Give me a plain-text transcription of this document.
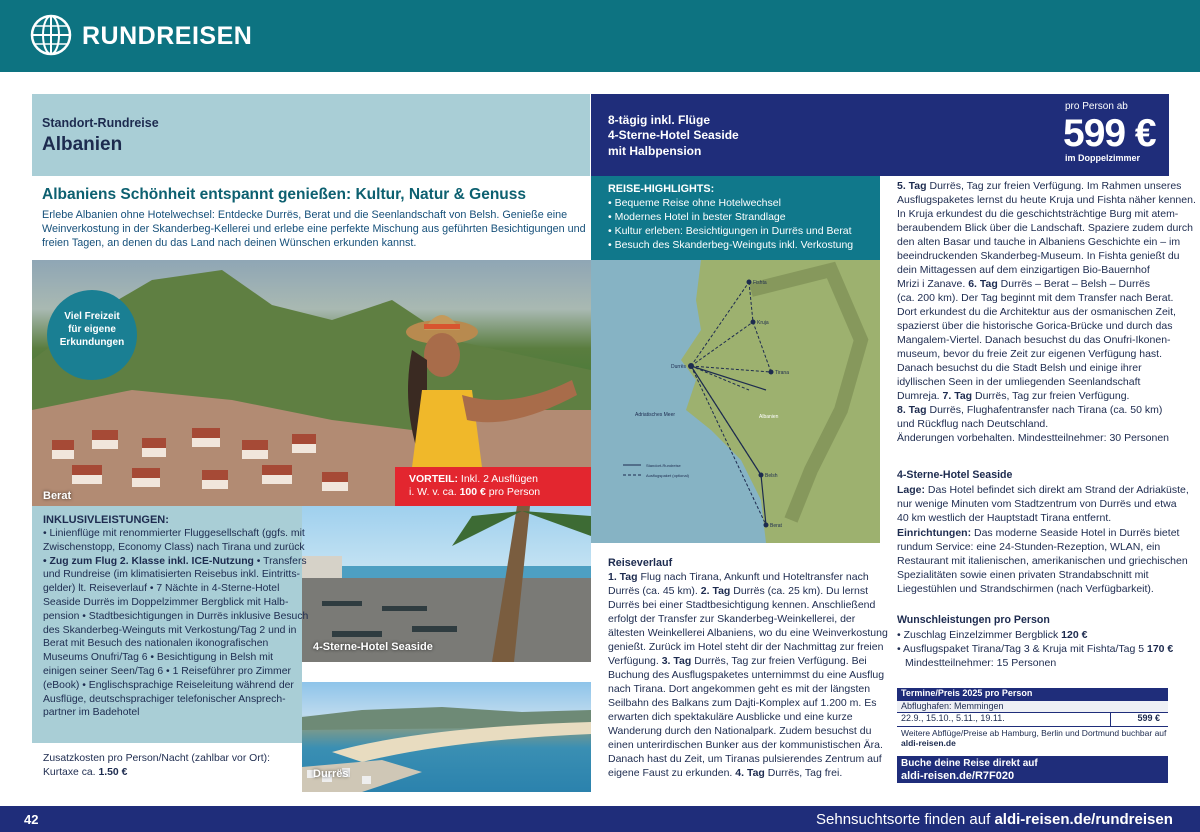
RUNDREISEN
Standort-Rundreise
Albanien
8-tägig inkl. Flüge
4-Sterne-Hotel Seaside
mit Halbpension
pro Person ab
599 €
im Doppelzimmer
Albaniens Schönheit entspannt genießen: Kultur, Natur & Genuss
Erlebe Albanien ohne Hotelwechsel: Entdecke Durrës, Berat und die Seenlandschaft von Belsh. Genieße eine
Weinverkostung in der Skanderbeg-Kellerei und erlebe eine perfekte Mischung aus geführten Besichtigungen und
freien Tagen, an denen du das Land nach deinen Wünschen erkunden kannst.
Viel Freizeit
für eigene
Erkundungen
Berat
VORTEIL: Inkl. 2 Ausflügen
i. W. v. ca. 100 € pro Person
INKLUSIVLEISTUNGEN:
Zusatzkosten pro Person/Nacht (zahlbar vor Ort):
Kurtaxe ca. 1.50 €
4-Sterne-Hotel Seaside
Durrës
REISE-HIGHLIGHTS:
• Bequeme Reise ohne Hotelwechsel
• Modernes Hotel in bester Strandlage
• Kultur erleben: Besichtigungen in Durrës und Berat
• Besuch des Skanderbeg-Weinguts inkl. Verkostung
Fishta
Kruja
Tirana
Durrës
Belsh
Berat
Adriatisches Meer	Albanien
Standort-Rundreise
Ausflugspaket (optional)
Reiseverlauf
4-Sterne-Hotel Seaside
Wunschleistungen pro Person
• Zuschlag Einzelzimmer Bergblick 120 €
• Ausflugspaket Tirana/Tag 3 & Kruja mit Fishta/Tag 5 170 €
Mindestteilnehmer: 15 Personen
Termine/Preis 2025 pro Person
Abflughafen: Memmingen
22.9., 15.10., 5.11., 19.11.	599 €
Weitere Abflüge/Preise ab Hamburg, Berlin und Dortmund buchbar auf
aldi-reisen.de
Buche deine Reise direkt auf
aldi-reisen.de/R7F020
42	Sehnsuchtsorte finden auf aldi-reisen.de/rundreisen
• Linienflüge mit renommierter Fluggesellschaft (ggfs. mit
Zwischenstopp, Economy Class) nach Tirana und zurück
• Zug zum Flug 2. Klasse inkl. ICE-Nutzung • Transfers
und Rundreise (im klimatisierten Reisebus inkl. Eintritts-
gelder) lt. Reiseverlauf • 7 Nächte in 4-Sterne-Hotel
Seaside Durrës im Doppelzimmer Bergblick mit Halb-
pension • Stadtbesichtigungen in Durrës inklusive Besuch
des Skanderbeg-Weinguts mit Verkostung/Tag 2 und in
Berat mit Besuch des nationalen ikonografischen
Museums Onufri/Tag 6 • Besichtigung in Belsh mit
einigen seiner Seen/Tag 6 • 1 Reiseführer pro Zimmer
(eBook) • Englischsprachige Reiseleitung während der
Ausflüge, deutschsprachiger telefonischer Ansprech-
partner im Badehotel
1. Tag Flug nach Tirana, Ankunft und Hoteltransfer nach
Durrës (ca. 45 km). 2. Tag Durrës (ca. 25 km). Du lernst
Durrës bei einer Stadtbesichtigung kennen. Anschließend
erfolgt der Transfer zur Skanderbeg-Weinkellerei, der
ältesten Weinkellerei Albaniens, wo du eine Weinverkostung
genießt. Zurück im Hotel steht dir der Nachmittag zur freien
Verfügung. 3. Tag Durrës, Tag zur freien Verfügung. Bei
Buchung des Ausflugspaketes unternimmst du eine Ausflug
nach Tirana. Dort angekommen geht es mit der längsten
Seilbahn des Balkans zum Dajti-Komplex auf 1.200 m. Es
erwarten dich spektakuläre Ausblicke und eine kurze
Wanderung durch den Nationalpark. Zudem besuchst du
einen unterirdischen Bunker aus der kommunistischen Ära.
Danach hast du Zeit, um Tiranas pulsierendes Zentrum auf
eigene Faust zu erkunden. 4. Tag Durrës, Tag frei.
5. Tag Durrës, Tag zur freien Verfügung. Im Rahmen unseres
Ausflugspaketes lernst du heute Kruja und Fishta näher kennen.
In Kruja erkundest du die geschichtsträchtige Burg mit atem-
beraubendem Blick über die Landschaft. Spaziere zudem durch
den alten Basar und tauche in Albaniens Geschichte ein – im
beeindruckenden Skanderbeg-Museum. In Fishta genießt du
dein Mittagessen auf dem einzigartigen Bio-Bauernhof
Mrizi i Zanave. 6. Tag Durrës – Berat – Belsh – Durrës
(ca. 200 km). Der Tag beginnt mit dem Transfer nach Berat.
Dort erkundest du die Architektur aus der osmanischen Zeit,
spazierst über die historische Gorica-Brücke und durch das
Mangalem-Viertel. Danach besuchst du das Onufri-Ikonen-
museum, bevor du freie Zeit zur eigenen Verfügung hast.
Danach besuchst du die Stadt Belsh und einige ihrer
idyllischen Seen in der umliegenden Seenlandschaft
Dumreja. 7. Tag Durrës, Tag zur freien Verfügung.
8. Tag Durrës, Flughafentransfer nach Tirana (ca. 50 km)
und Rückflug nach Deutschland.
Änderungen vorbehalten. Mindestteilnehmer: 30 Personen
Lage: Das Hotel befindet sich direkt am Strand der Adriaküste,
nur wenige Minuten vom Stadtzentrum von Durrës und etwa
40 km westlich der Hauptstadt Tirana entfernt.
Einrichtungen: Das moderne Seaside Hotel in Durrës bietet
rundum Service: eine 24-Stunden-Rezeption, WLAN, ein
Restaurant mit italienischen, amerikanischen und griechischen
Spezialitäten sowie einen privaten Strandabschnitt mit
Liegestühlen und Strandschirmen (nach Verfügbarkeit).
